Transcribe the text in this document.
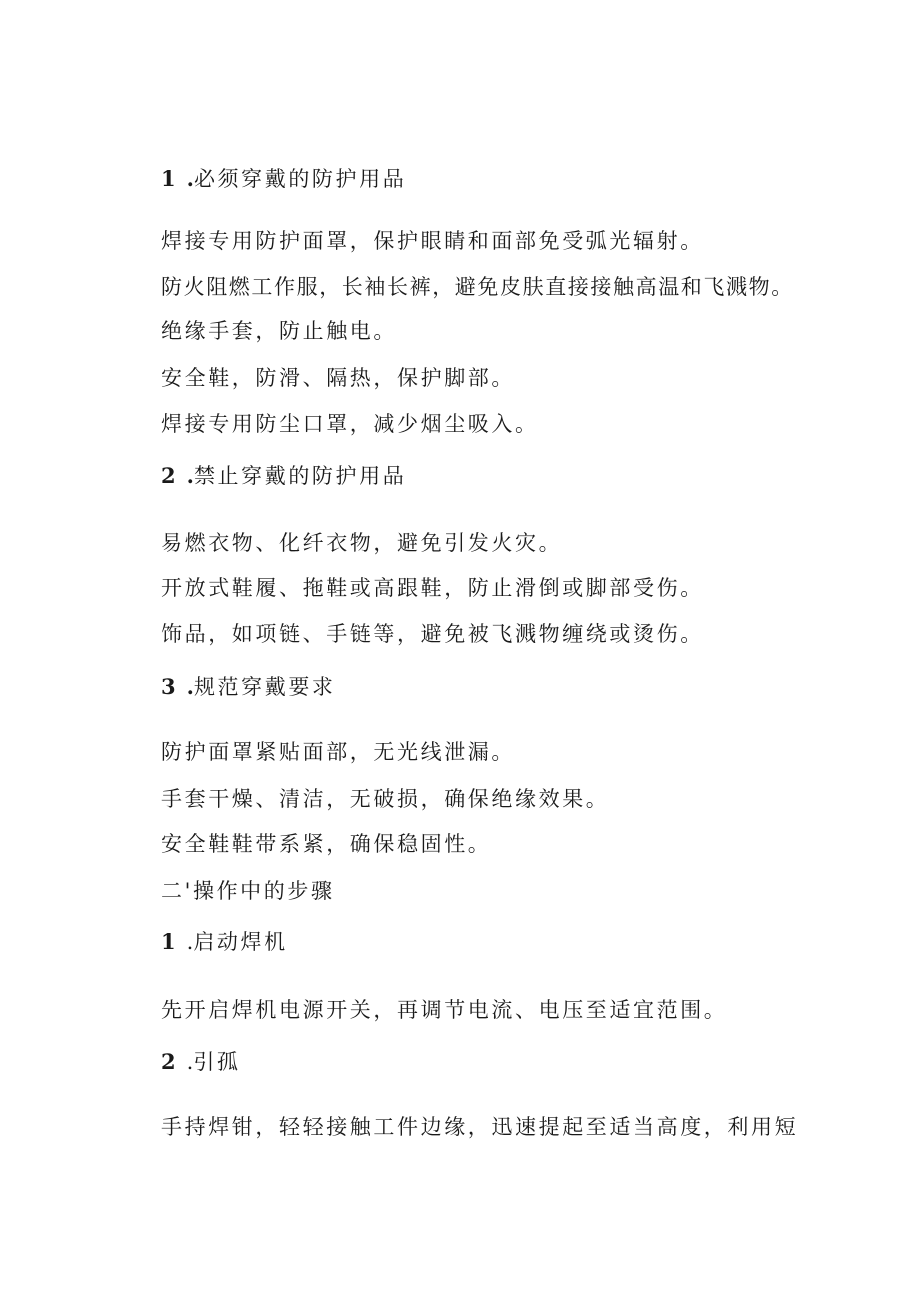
1 .必须穿戴的防护用品
焊接专用防护面罩，保护眼睛和面部免受弧光辐射。
防火阻燃工作服，长袖长裤，避免皮肤直接接触高温和飞溅物。
绝缘手套，防止触电。
安全鞋，防滑、隔热，保护脚部。
焊接专用防尘口罩，减少烟尘吸入。
2 .禁止穿戴的防护用品
易燃衣物、化纤衣物，避免引发火灾。
开放式鞋履、拖鞋或高跟鞋，防止滑倒或脚部受伤。
饰品，如项链、手链等，避免被飞溅物缠绕或烫伤。
3 .规范穿戴要求
防护面罩紧贴面部，无光线泄漏。
手套干燥、清洁，无破损，确保绝缘效果。
安全鞋鞋带系紧，确保稳固性。
二'操作中的步骤
1 .启动焊机
先开启焊机电源开关，再调节电流、电压至适宜范围。
2 .引孤
手持焊钳，轻轻接触工件边缘，迅速提起至适当高度，利用短
